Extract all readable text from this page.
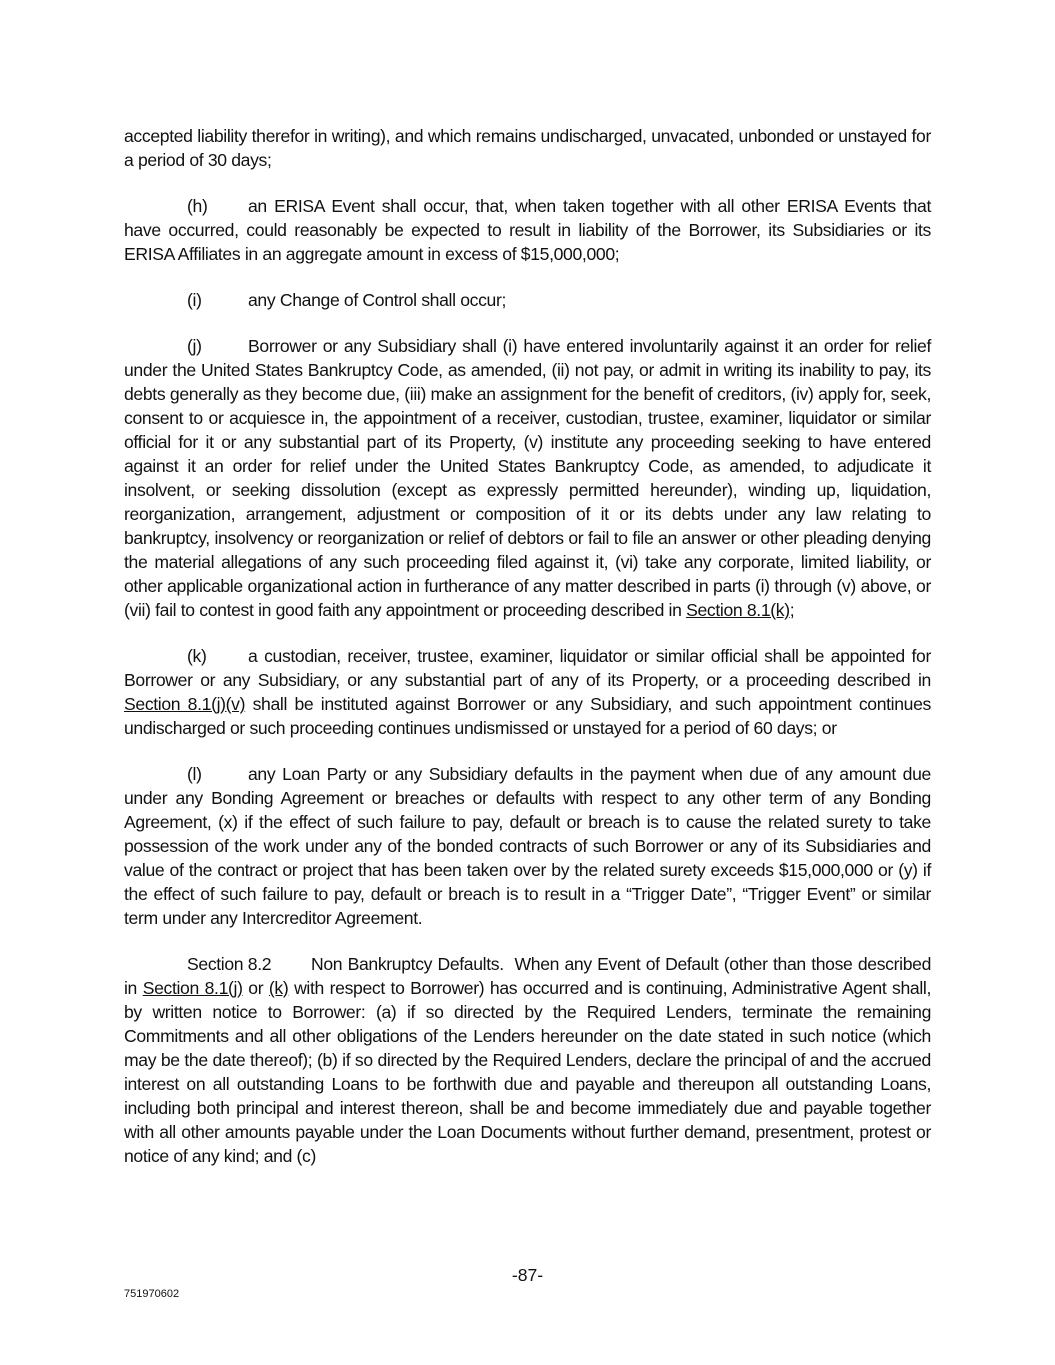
accepted liability therefor in writing), and which remains undischarged, unvacated, unbonded or unstayed for a period of 30 days;

(h) an ERISA Event shall occur, that, when taken together with all other ERISA Events that have occurred, could reasonably be expected to result in liability of the Borrower, its Subsidiaries or its ERISA Affiliates in an aggregate amount in excess of $15,000,000;

(i)	any Change of Control shall occur;

(j)	Borrower or any Subsidiary shall (i) have entered involuntarily against it an order for relief under the United States Bankruptcy Code, as amended, (ii) not pay, or admit in writing its inability to pay, its debts generally as they become due, (iii) make an assignment for the benefit of creditors, (iv) apply for, seek, consent to or acquiesce in, the appointment of a receiver, custodian, trustee, examiner, liquidator or similar official for it or any substantial part of its Property, (v) institute any proceeding seeking to have entered against it an order for relief under the United States Bankruptcy Code, as amended, to adjudicate it insolvent, or seeking dissolution (except as expressly permitted hereunder), winding up, liquidation, reorganization, arrangement, adjustment or composition of it or its debts under any law relating to bankruptcy, insolvency or reorganization or relief of debtors or fail to file an answer or other pleading denying the material allegations of any such proceeding filed against it, (vi) take any corporate, limited liability, or other applicable organizational action in furtherance of any matter described in parts (i) through (v) above, or (vii) fail to contest in good faith any appointment or proceeding described in Section 8.1(k);

(k) a custodian, receiver, trustee, examiner, liquidator or similar official shall be appointed for Borrower or any Subsidiary, or any substantial part of any of its Property, or a proceeding described in Section 8.1(j)(v) shall be instituted against Borrower or any Subsidiary, and such appointment continues undischarged or such proceeding continues undismissed or unstayed for a period of 60 days; or

(l)	any Loan Party or any Subsidiary defaults in the payment when due of any amount due under any Bonding Agreement or breaches or defaults with respect to any other term of any Bonding Agreement, (x) if the effect of such failure to pay, default or breach is to cause the related surety to take possession of the work under any of the bonded contracts of such Borrower or any of its Subsidiaries and value of the contract or project that has been taken over by the related surety exceeds $15,000,000 or (y) if the effect of such failure to pay, default or breach is to result in a “Trigger Date”, “Trigger Event” or similar term under any Intercreditor Agreement.

Section 8.2 Non Bankruptcy Defaults. When any Event of Default (other than those described in Section 8.1(j) or (k) with respect to Borrower) has occurred and is continuing, Administrative Agent shall, by written notice to Borrower: (a) if so directed by the Required Lenders, terminate the remaining Commitments and all other obligations of the Lenders hereunder on the date stated in such notice (which may be the date thereof); (b) if so directed by the Required Lenders, declare the principal of and the accrued interest on all outstanding Loans to be forthwith due and payable and thereupon all outstanding Loans, including both principal and interest thereon, shall be and become immediately due and payable together with all other amounts payable under the Loan Documents without further demand, presentment, protest or notice of any kind; and (c)

-87-
751970602
